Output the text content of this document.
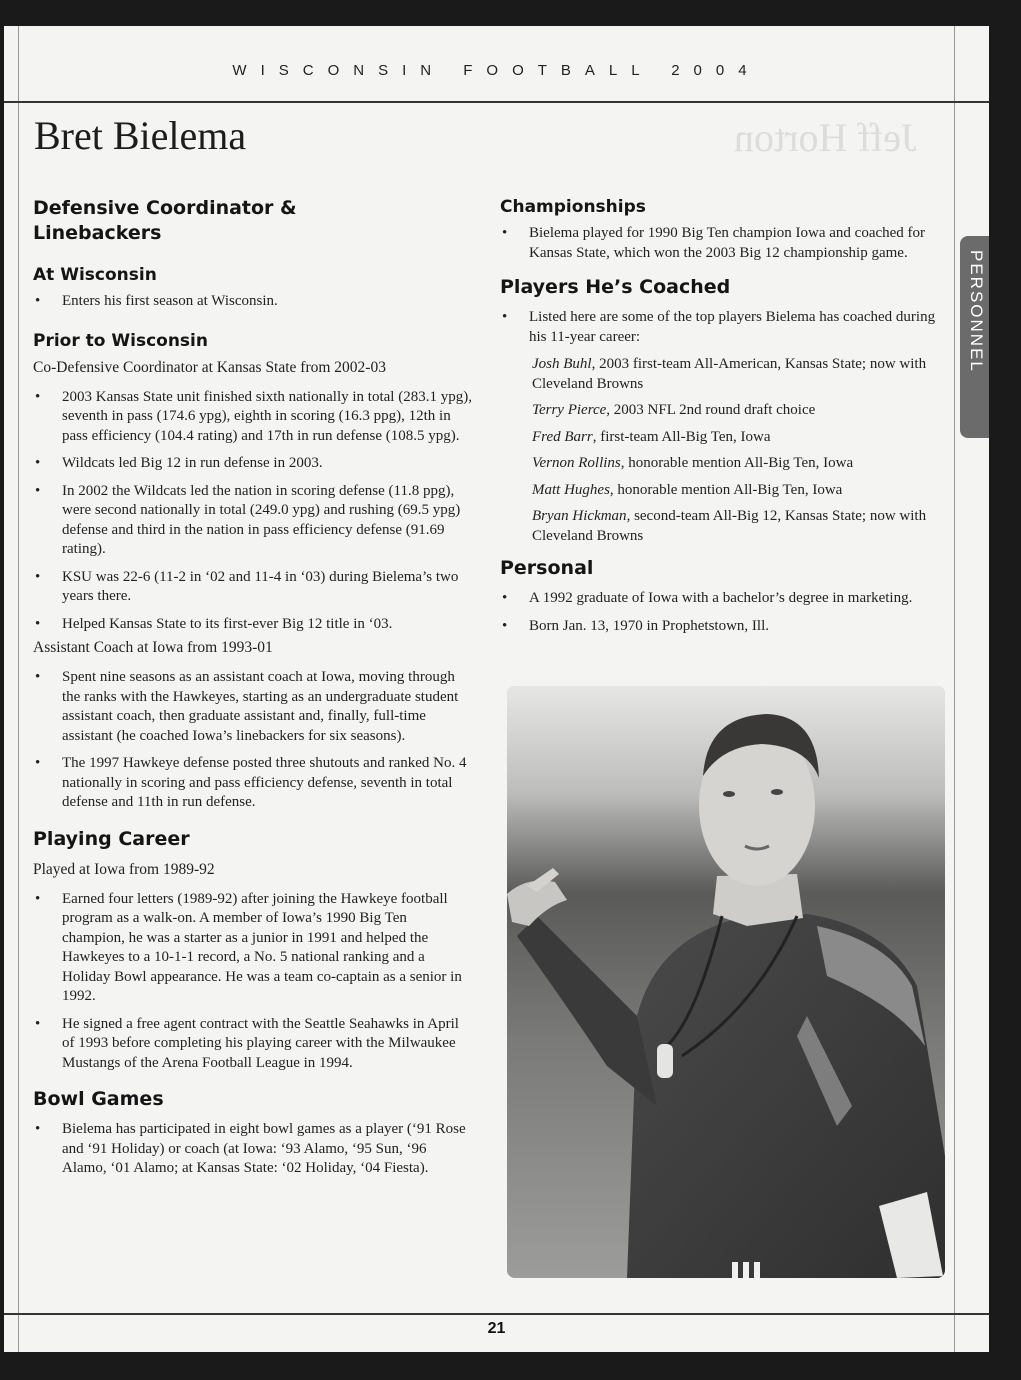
WISCONSIN FOOTBALL 2004
Jeff Horton
Bret Bielema
PERSONNEL
Defensive Coordinator & Linebackers
At Wisconsin
• Enters his first season at Wisconsin.
Prior to Wisconsin

Co-Defensive Coordinator at Kansas State from 2002-03

• 2003 Kansas State unit finished sixth nationally in total (283.1 ypg), seventh in pass (174.6 ypg), eighth in scoring (16.3 ppg), 12th in pass efficiency (104.4 rating) and 17th in run defense (108.5 ypg).
• Wildcats led Big 12 in run defense in 2003.
• In 2002 the Wildcats led the nation in scoring defense (11.8 ppg), were second nationally in total (249.0 ypg) and rushing (69.5 ypg) defense and third in the nation in pass efficiency defense (91.69 rating).
• KSU was 22-6 (11-2 in ‘02 and 11-4 in ‘03) during Bielema’s two years there.
• Helped Kansas State to its first-ever Big 12 title in ‘03.

Assistant Coach at Iowa from 1993-01

• Spent nine seasons as an assistant coach at Iowa, moving through the ranks with the Hawkeyes, starting as an undergraduate student assistant coach, then graduate assistant and, finally, full-time assistant (he coached Iowa’s linebackers for six seasons).
• The 1997 Hawkeye defense posted three shutouts and ranked No. 4 nationally in scoring and pass efficiency defense, seventh in total defense and 11th in run defense.
Playing Career

Played at Iowa from 1989-92

• Earned four letters (1989-92) after joining the Hawkeye football program as a walk-on. A member of Iowa’s 1990 Big Ten champion, he was a starter as a junior in 1991 and helped the Hawkeyes to a 10-1-1 record, a No. 5 national ranking and a Holiday Bowl appearance. He was a team co-captain as a senior in 1992.
• He signed a free agent contract with the Seattle Seahawks in April of 1993 before completing his playing career with the Milwaukee Mustangs of the Arena Football League in 1994.
Bowl Games
• Bielema has participated in eight bowl games as a player (‘91 Rose and ‘91 Holiday) or coach (at Iowa: ‘93 Alamo, ‘95 Sun, ‘96 Alamo, ‘01 Alamo; at Kansas State: ‘02 Holiday, ‘04 Fiesta).
Championships
• Bielema played for 1990 Big Ten champion Iowa and coached for Kansas State, which won the 2003 Big 12 championship game.
Players He’s Coached
• Listed here are some of the top players Bielema has coached during his 11-year career:

Josh Buhl, 2003 first-team All-American, Kansas State; now with Cleveland Browns

Terry Pierce, 2003 NFL 2nd round draft choice

Fred Barr, first-team All-Big Ten, Iowa

Vernon Rollins, honorable mention All-Big Ten, Iowa

Matt Hughes, honorable mention All-Big Ten, Iowa

Bryan Hickman, second-team All-Big 12, Kansas State; now with Cleveland Browns

Personal
• A 1992 graduate of Iowa with a bachelor’s degree in marketing.
• Born Jan. 13, 1970 in Prophetstown, Ill.
21
